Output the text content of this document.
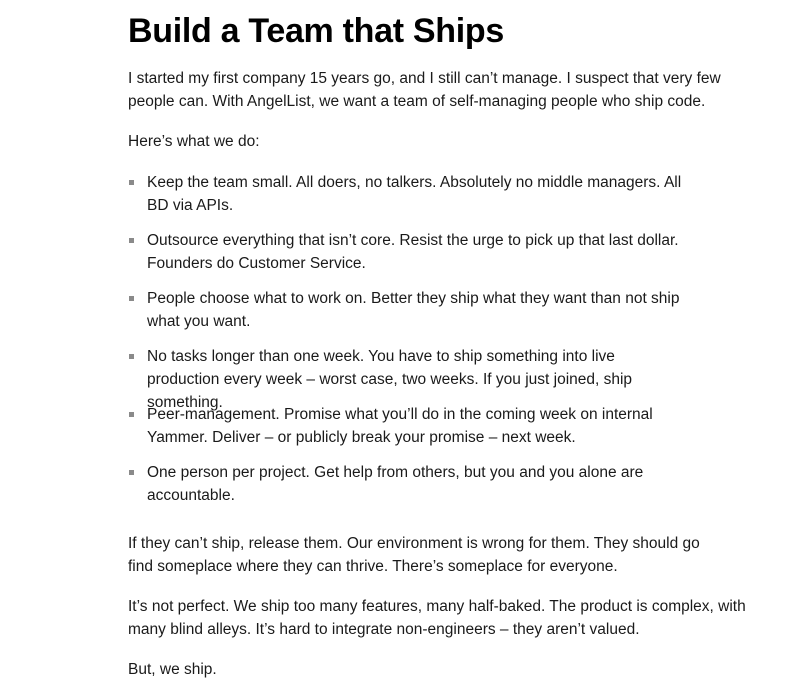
Build a Team that Ships

I started my first company 15 years go, and I still can’t manage. I suspect that very few people can. With AngelList, we want a team of self-managing people who ship code.

Here’s what we do:

Keep the team small. All doers, no talkers. Absolutely no middle managers. All BD via APIs.
Outsource everything that isn’t core. Resist the urge to pick up that last dollar. Founders do Customer Service.
People choose what to work on. Better they ship what they want than not ship what you want.
No tasks longer than one week. You have to ship something into live production every week – worst case, two weeks. If you just joined, ship something.
Peer-management. Promise what you’ll do in the coming week on internal Yammer. Deliver – or publicly break your promise – next week.
One person per project. Get help from others, but you and you alone are accountable.

If they can’t ship, release them. Our environment is wrong for them. They should go find someplace where they can thrive. There’s someplace for everyone.

It’s not perfect. We ship too many features, many half-baked. The product is complex, with many blind alleys. It’s hard to integrate non-engineers – they aren’t valued.

But, we ship.
